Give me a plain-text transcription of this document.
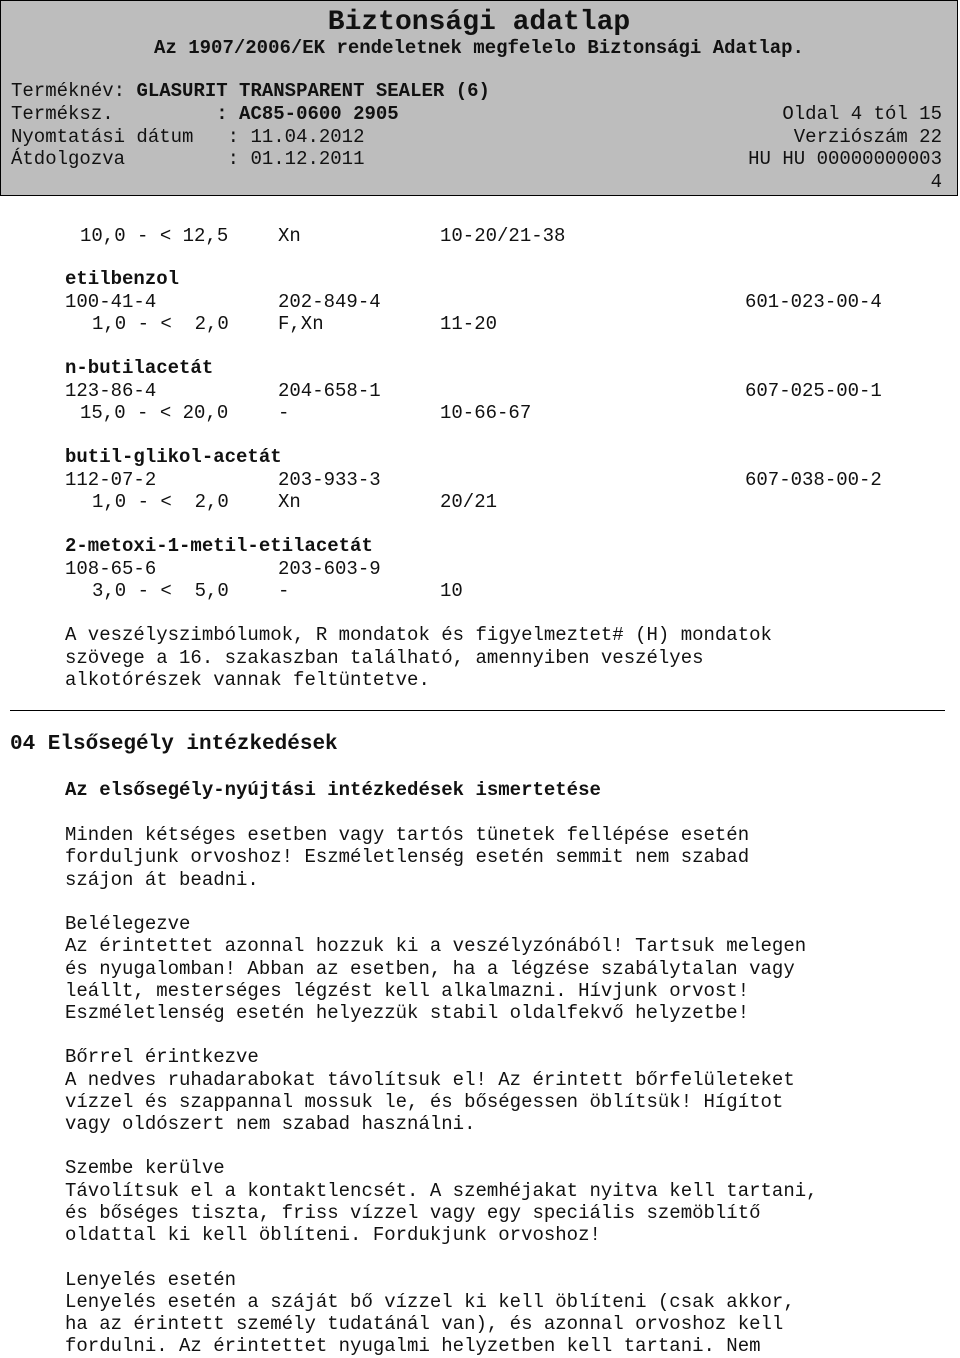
Biztonsági adatlap
Az 1907/2006/EK rendeletnek megfelelo Biztonsági Adatlap.
Terméknév: GLASURIT TRANSPARENT SEALER (6)
Termék​sz.	: AC85-0600 2905	Oldal 4 tól 15
Nyomtatási dátum : 11.04.2012	Verziószám 22
Átdolgozva	: 01.12.2011	HU HU 00000000003
4
10,0 - < 12,5	Xn	10-20/21-38
etilbenzol
100-41-4	202-849-4	601-023-00-4
1,0 - <  2,0	F,Xn	11-20
n-butilacetát
123-86-4	204-658-1	607-025-00-1
15,0 - < 20,0	-	10-66-67
butil-glikol-acetát
112-07-2	203-933-3	607-038-00-2
1,0 - <  2,0	Xn	20/21
2-metoxi-1-metil-etilacetát
108-65-6	203-603-9
3,0 - <  5,0	-	10
A veszélyszimbólumok, R mondatok és figyelmeztet# (H) mondatok
szövege a 16. szakaszban található, amennyiben veszélyes
alkotórészek vannak feltüntetve.
04 Elsősegély intézkedések
Az elsősegély-nyújtási intézkedések ismertetése
Minden kétséges esetben vagy tartós tünetek fellépése esetén
forduljunk orvoshoz! Eszméletlenség esetén semmit nem szabad
szájon át beadni.
Belélegezve
Az érintettet azonnal hozzuk ki a veszélyzónából! Tartsuk melegen
és nyugalomban! Abban az esetben, ha a légzése szabálytalan vagy
leállt, mesterséges légzést kell alkalmazni. Hívjunk orvost!
Eszméletlenség esetén helyezzük stabil oldalfekvő helyzetbe!
Bőrrel érintkezve
A nedves ruhadarabokat távolítsuk el! Az érintett bőrfelületeket
vízzel és szappannal mossuk le, és bőségessen öblítsük! Hígítot
vagy oldószert nem szabad használni.
Szembe kerülve
Távolítsuk el a kontaktlencsét. A szemhéjakat nyitva kell tartani,
és bőséges tiszta, friss vízzel vagy egy speciális szemöblítő
oldattal ki kell öblíteni. Fordukjunk orvoshoz!
Lenyelés esetén
Lenyelés esetén a száját bő vízzel ki kell öblíteni (csak akkor,
ha az érintett személy tudatánál van), és azonnal orvoshoz kell
fordulni. Az érintettet nyugalmi helyzetben kell tartani. Nem
